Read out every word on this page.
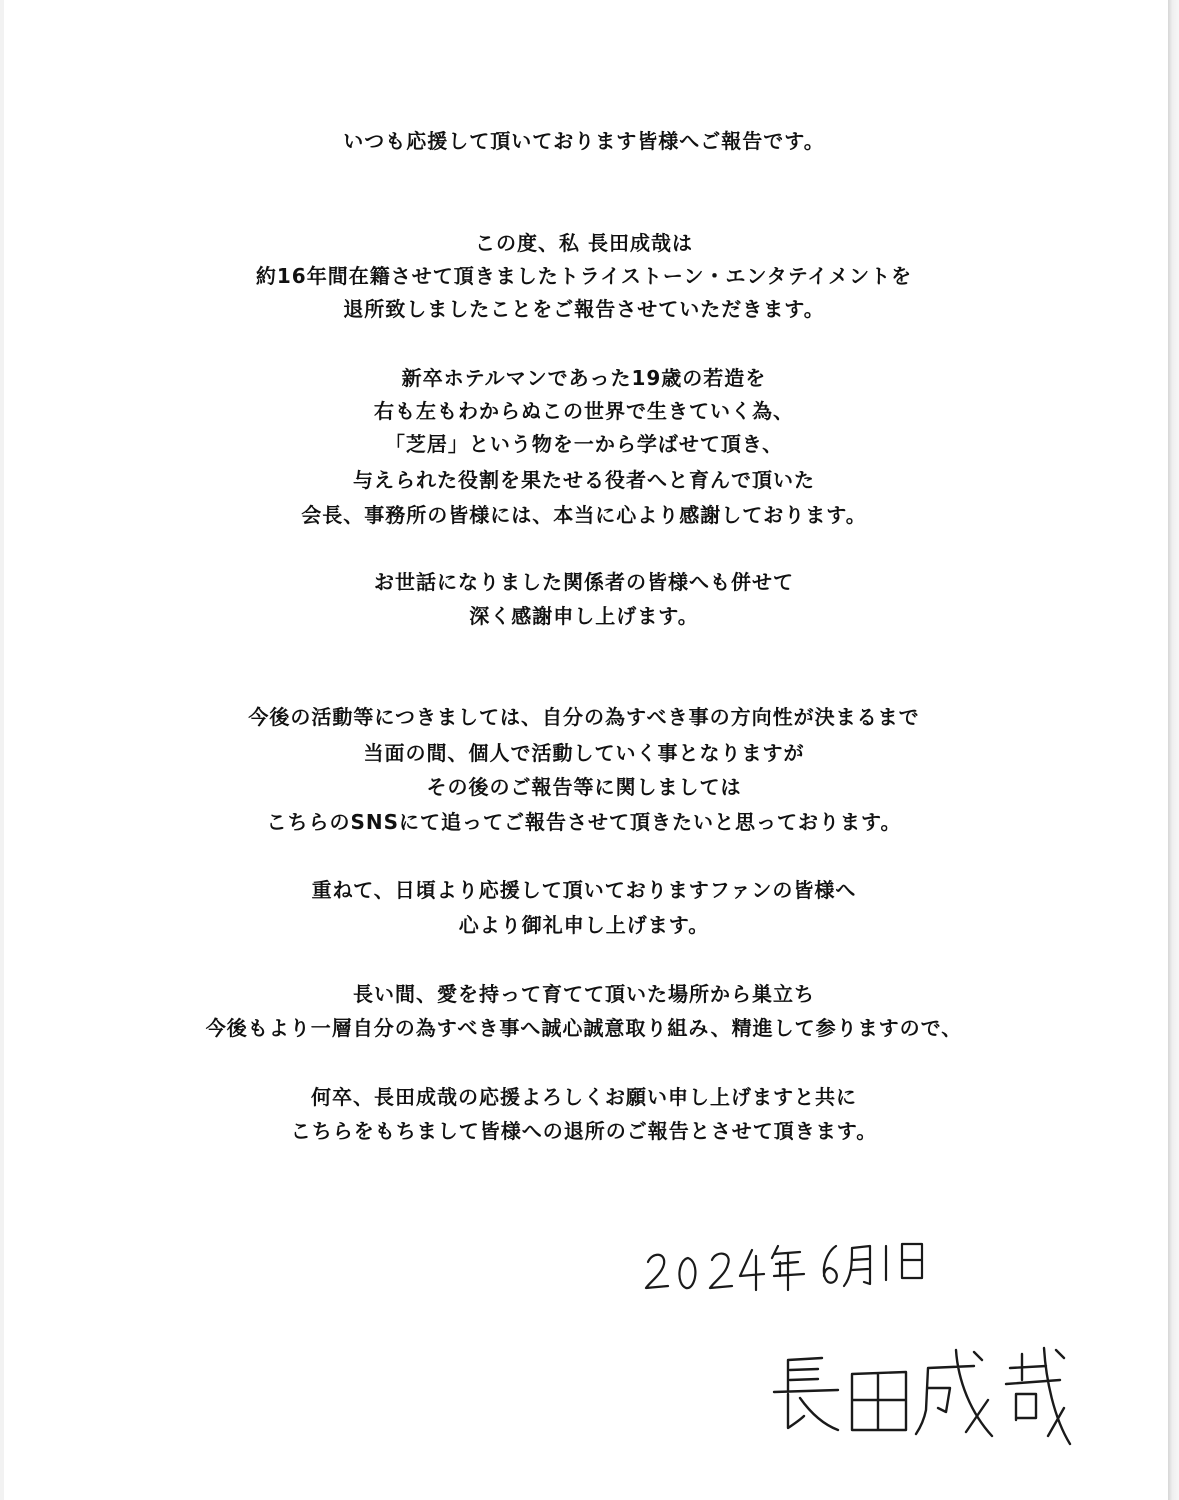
いつも応援して頂いております皆様へご報告です。
この度、私 長田成哉は
約16年間在籍させて頂きましたトライストーン・エンタテイメントを
退所致しましたことをご報告させていただきます。
新卒ホテルマンであった19歳の若造を
右も左もわからぬこの世界で生きていく為、
「芝居」という物を一から学ばせて頂き、
与えられた役割を果たせる役者へと育んで頂いた
会長、事務所の皆様には、本当に心より感謝しております。
お世話になりました関係者の皆様へも併せて
深く感謝申し上げます。
今後の活動等につきましては、自分の為すべき事の方向性が決まるまで
当面の間、個人で活動していく事となりますが
その後のご報告等に関しましては
こちらのSNSにて追ってご報告させて頂きたいと思っております。
重ねて、日頃より応援して頂いておりますファンの皆様へ
心より御礼申し上げます。
長い間、愛を持って育てて頂いた場所から巣立ち
今後もより一層自分の為すべき事へ誠心誠意取り組み、精進して参りますので、
何卒、長田成哉の応援よろしくお願い申し上げますと共に
こちらをもちまして皆様への退所のご報告とさせて頂きます。
